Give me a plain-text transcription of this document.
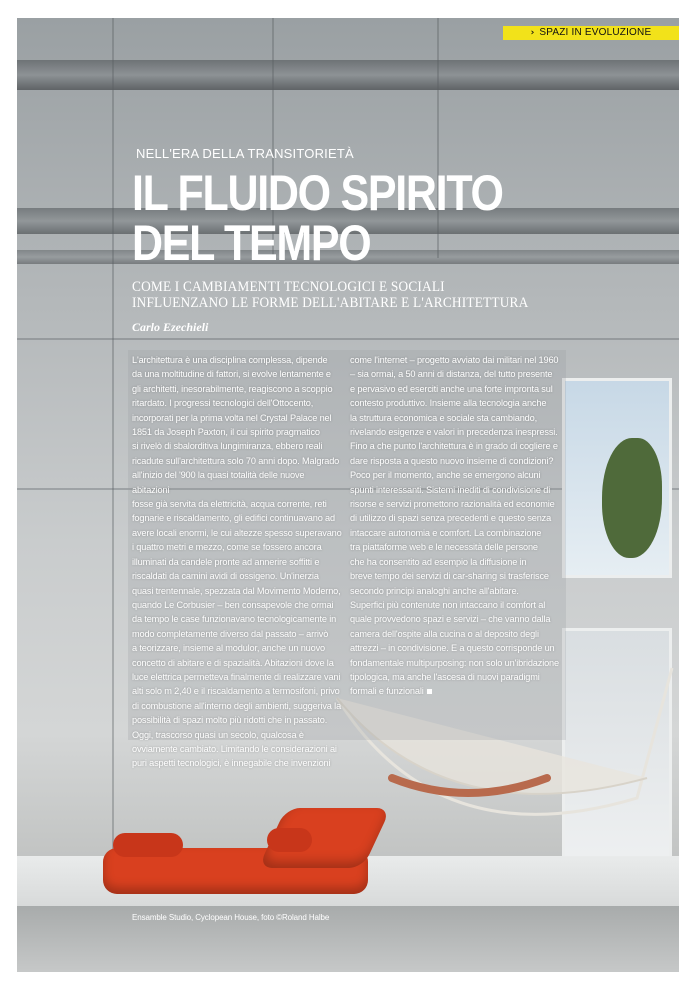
› SPAZI IN EVOLUZIONE
NELL'ERA DELLA TRANSITORIETÀ
IL FLUIDO SPIRITO
DEL TEMPO
COME I CAMBIAMENTI TECNOLOGICI E SOCIALI
INFLUENZANO LE FORME DELL'ABITARE E L'ARCHITETTURA
Carlo Ezechieli
L'architettura è una disciplina complessa, dipende
da una moltitudine di fattori, si evolve lentamente e
gli architetti, inesorabilmente, reagiscono a scoppio
ritardato. I progressi tecnologici dell'Ottocento,
incorporati per la prima volta nel Crystal Palace nel
1851 da Joseph Paxton, il cui spirito pragmatico
si rivelò di sbalorditiva lungimiranza, ebbero reali
ricadute sull'architettura solo 70 anni dopo. Malgrado
all'inizio del '900 la quasi totalità delle nuove abitazioni
fosse già servita da elettricità, acqua corrente, reti
fognarie e riscaldamento, gli edifici continuavano ad
avere locali enormi, le cui altezze spesso superavano
i quattro metri e mezzo, come se fossero ancora
illuminati da candele pronte ad annerire soffitti e
riscaldati da camini avidi di ossigeno. Un'inerzia
quasi trentennale, spezzata dal Movimento Moderno,
quando Le Corbusier – ben consapevole che ormai
da tempo le case funzionavano tecnologicamente in
modo completamente diverso dal passato – arrivò
a teorizzare, insieme al modulor, anche un nuovo
concetto di abitare e di spazialità. Abitazioni dove la
luce elettrica permetteva finalmente di realizzare vani
alti solo m 2,40 e il riscaldamento a termosifoni, privo
di combustione all'interno degli ambienti, suggeriva la
possibilità di spazi molto più ridotti che in passato.
Oggi, trascorso quasi un secolo, qualcosa è
ovviamente cambiato. Limitando le considerazioni ai
puri aspetti tecnologici, è innegabile che invenzioni
come l'internet – progetto avviato dai militari nel 1960
– sia ormai, a 50 anni di distanza, del tutto presente
e pervasivo ed eserciti anche una forte impronta sul
contesto produttivo. Insieme alla tecnologia anche
la struttura economica e sociale sta cambiando,
rivelando esigenze e valori in precedenza inespressi.
Fino a che punto l'architettura è in grado di cogliere e
dare risposta a questo nuovo insieme di condizioni?
Poco per il momento, anche se emergono alcuni
spunti interessanti. Sistemi inediti di condivisione di
risorse e servizi promettono razionalità ed economie
di utilizzo di spazi senza precedenti e questo senza
intaccare autonomia e comfort. La combinazione
tra piattaforme web e le necessità delle persone
che ha consentito ad esempio la diffusione in
breve tempo dei servizi di car-sharing si trasferisce
secondo principi analoghi anche all'abitare.
Superfici più contenute non intaccano il comfort al
quale provvedono spazi e servizi – che vanno dalla
camera dell'ospite alla cucina o al deposito degli
attrezzi – in condivisione. E a questo corrisponde un
fondamentale multipurposing: non solo un'ibridazione
tipologica, ma anche l'ascesa di nuovi paradigmi
formali e funzionali
Ensamble Studio, Cyclopean House, foto ©Roland Halbe
